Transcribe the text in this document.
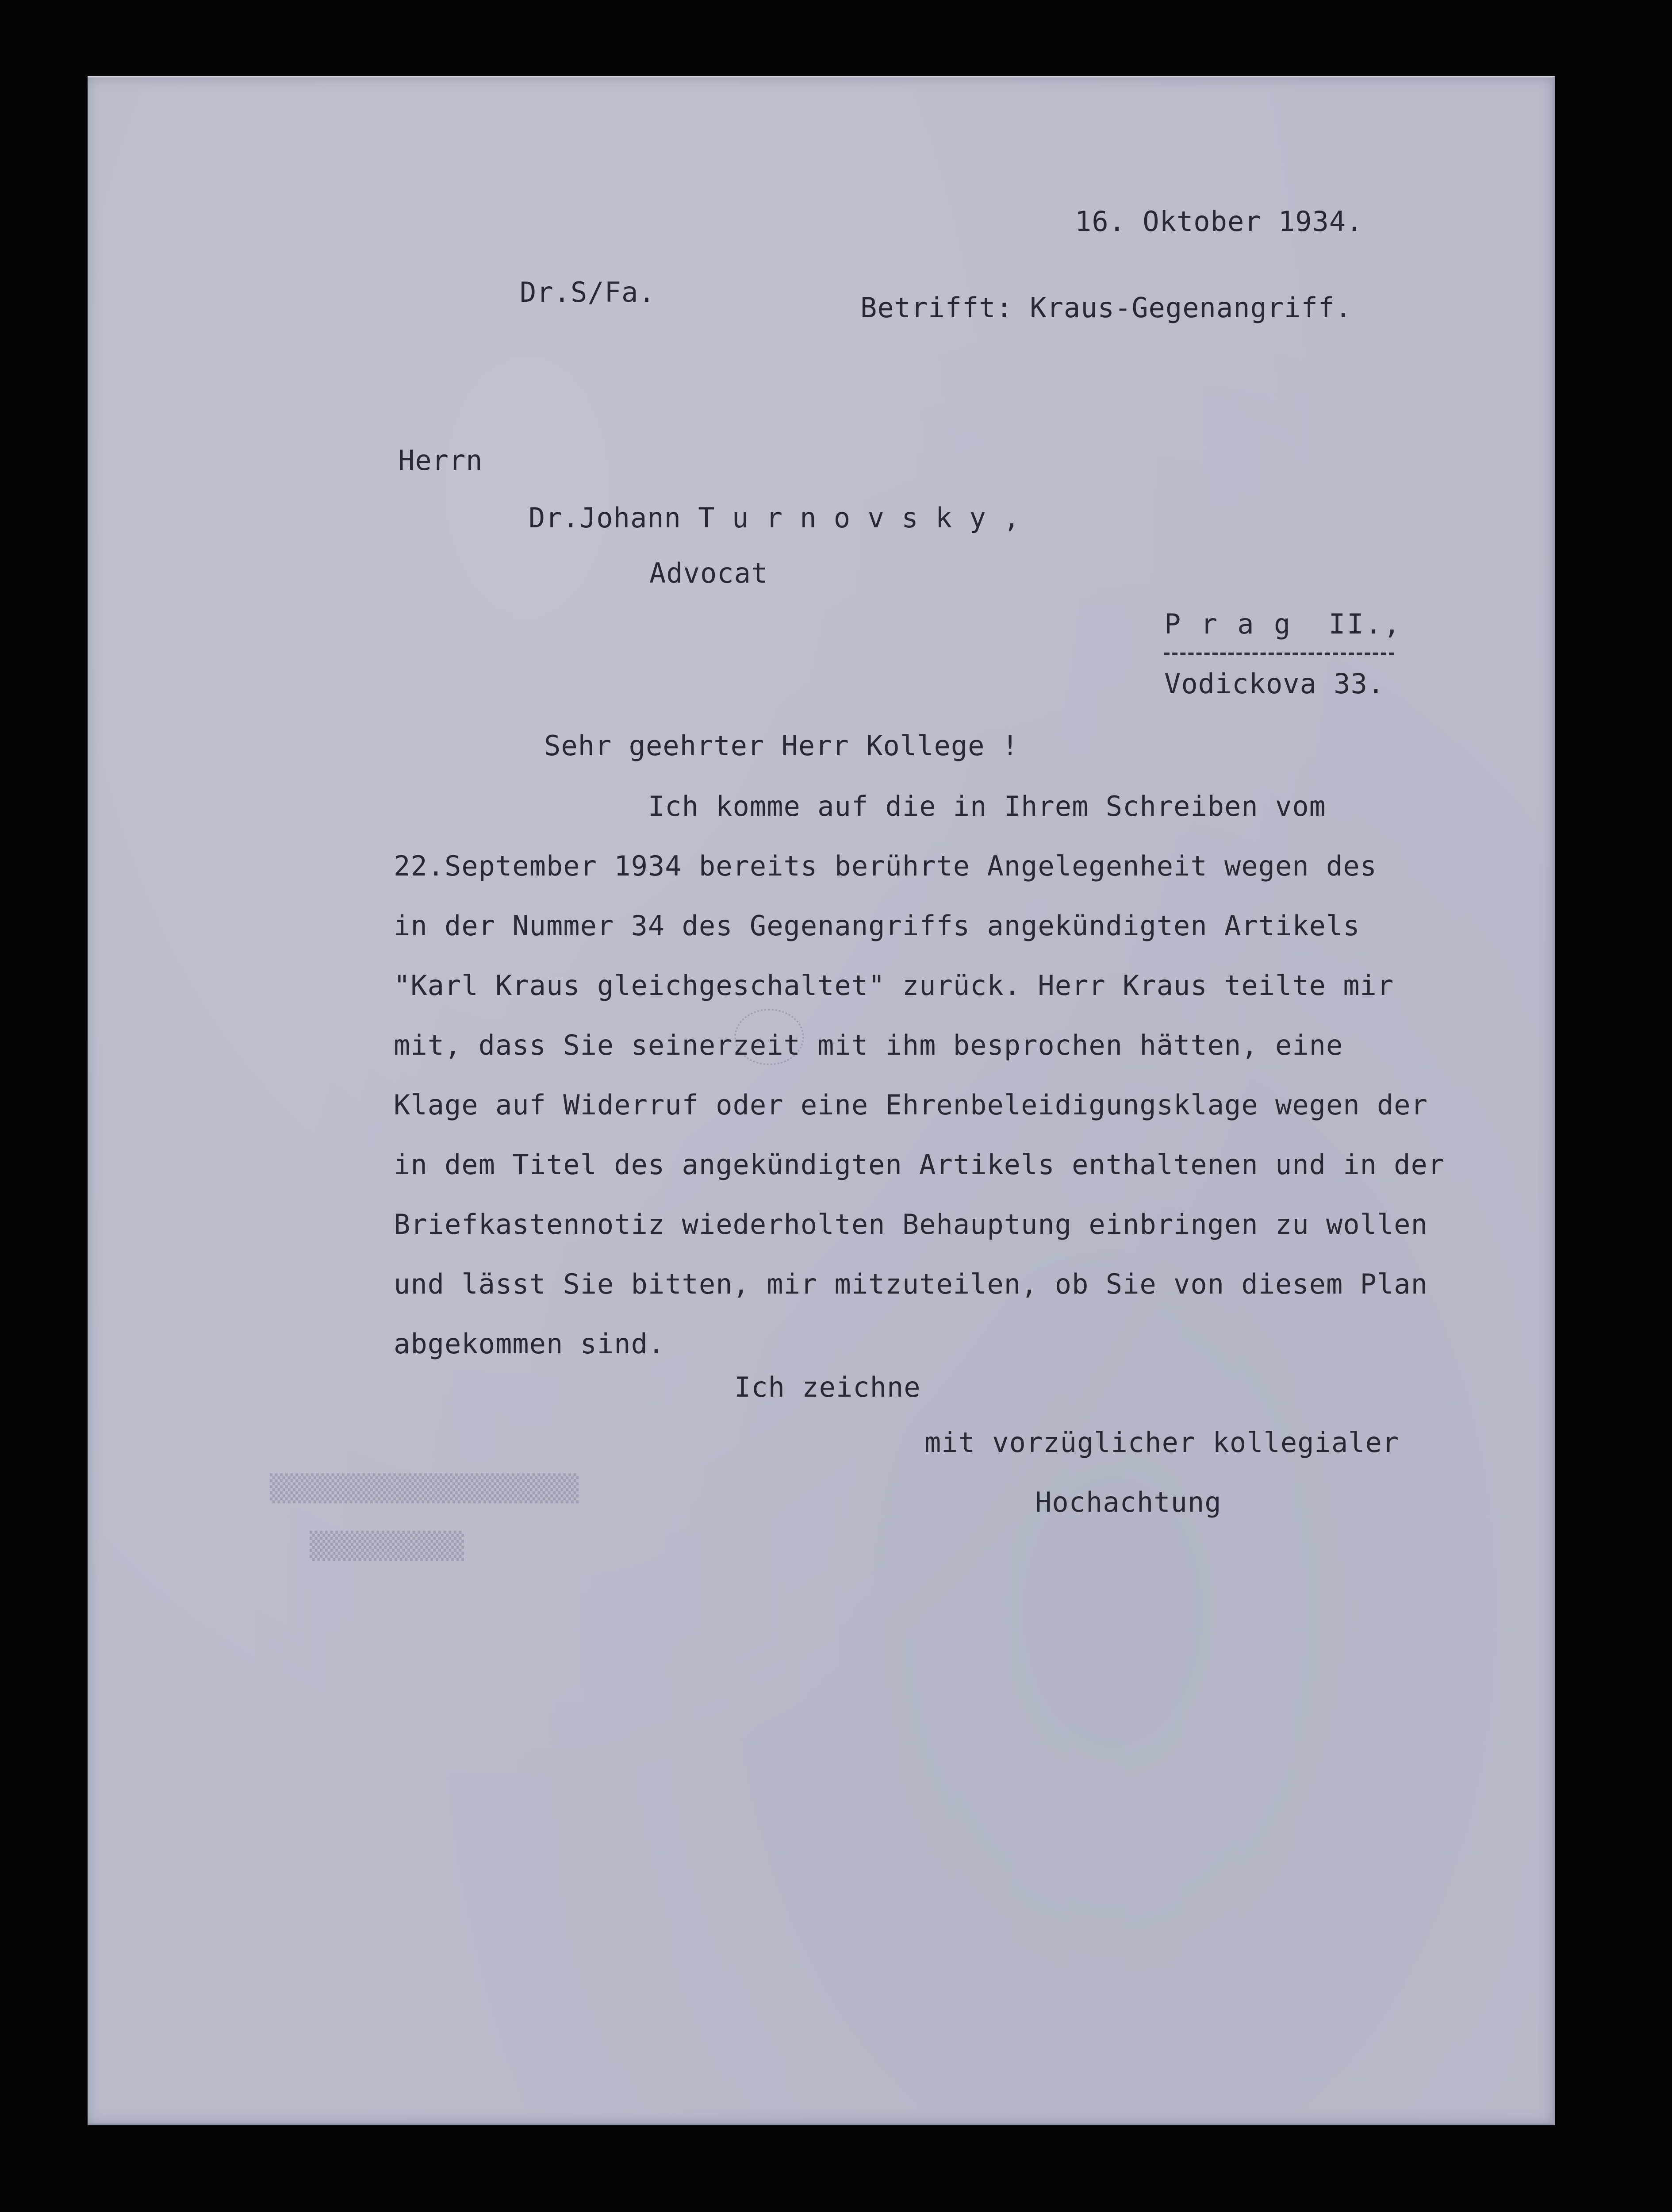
▒▒▒▒▒▒▒▒▒▒▒▒▒▒▒▒▒▒▒▒
▒▒▒▒▒▒▒▒▒▒
16. Oktober 1934.
Dr.S/Fa.	Betrifft: Kraus-Gegenangriff.
Herrn
Dr.Johann T u r n o v s k y ,
Advocat
P r a g  II.,
Vodickova 33.
Sehr geehrter Herr Kollege !
Ich komme auf die in Ihrem Schreiben vom
22.September 1934 bereits berührte Angelegenheit wegen des
in der Nummer 34 des Gegenangriffs angekündigten Artikels
"Karl Kraus gleichgeschaltet" zurück. Herr Kraus teilte mir
mit, dass Sie seinerzeit mit ihm besprochen hätten, eine
Klage auf Widerruf oder eine Ehrenbeleidigungsklage wegen der
in dem Titel des angekündigten Artikels enthaltenen und in der
Briefkastennotiz wiederholten Behauptung einbringen zu wollen
und lässt Sie bitten, mir mitzuteilen, ob Sie von diesem Plan
abgekommen sind.
Ich zeichne
mit vorzüglicher kollegialer
Hochachtung
